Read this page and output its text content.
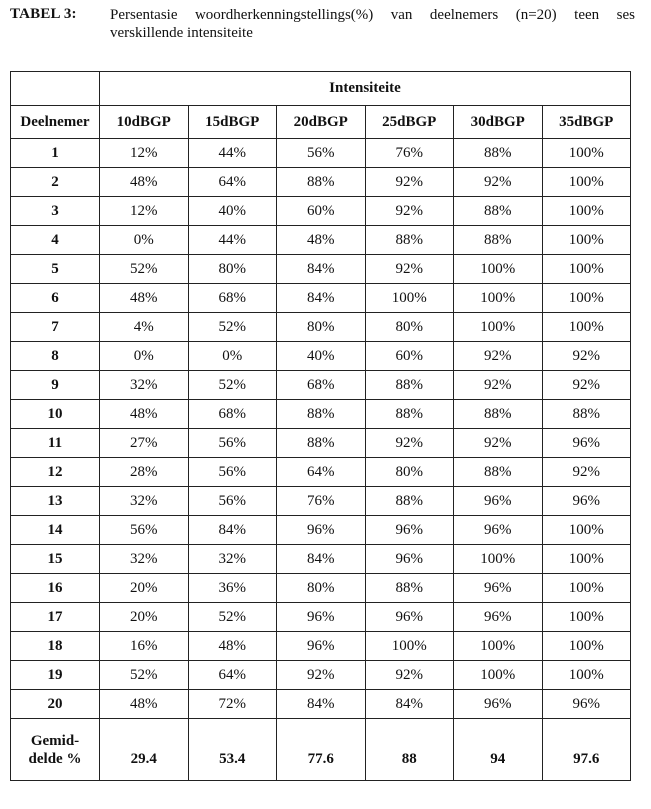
TABEL 3: Persentasie woordherkenningstellings(%) van deelnemers (n=20) teen ses
verskillende intensiteite
	Intensiteite					
Deelnemer	10dBGP	15dBGP	20dBGP	25dBGP	30dBGP	35dBGP
1	12%	44%	56%	76%	88%	100%
2	48%	64%	88%	92%	92%	100%
3	12%	40%	60%	92%	88%	100%
4	0%	44%	48%	88%	88%	100%
5	52%	80%	84%	92%	100%	100%
6	48%	68%	84%	100%	100%	100%
7	4%	52%	80%	80%	100%	100%
8	0%	0%	40%	60%	92%	92%
9	32%	52%	68%	88%	92%	92%
10	48%	68%	88%	88%	88%	88%
11	27%	56%	88%	92%	92%	96%
12	28%	56%	64%	80%	88%	92%
13	32%	56%	76%	88%	96%	96%
14	56%	84%	96%	96%	96%	100%
15	32%	32%	84%	96%	100%	100%
16	20%	36%	80%	88%	96%	100%
17	20%	52%	96%	96%	96%	100%
18	16%	48%	96%	100%	100%	100%
19	52%	64%	92%	92%	100%	100%
20	48%	72%	84%	84%	96%	96%

Gemid-
delde %	29.4	53.4	77.6	88	94	97.6
